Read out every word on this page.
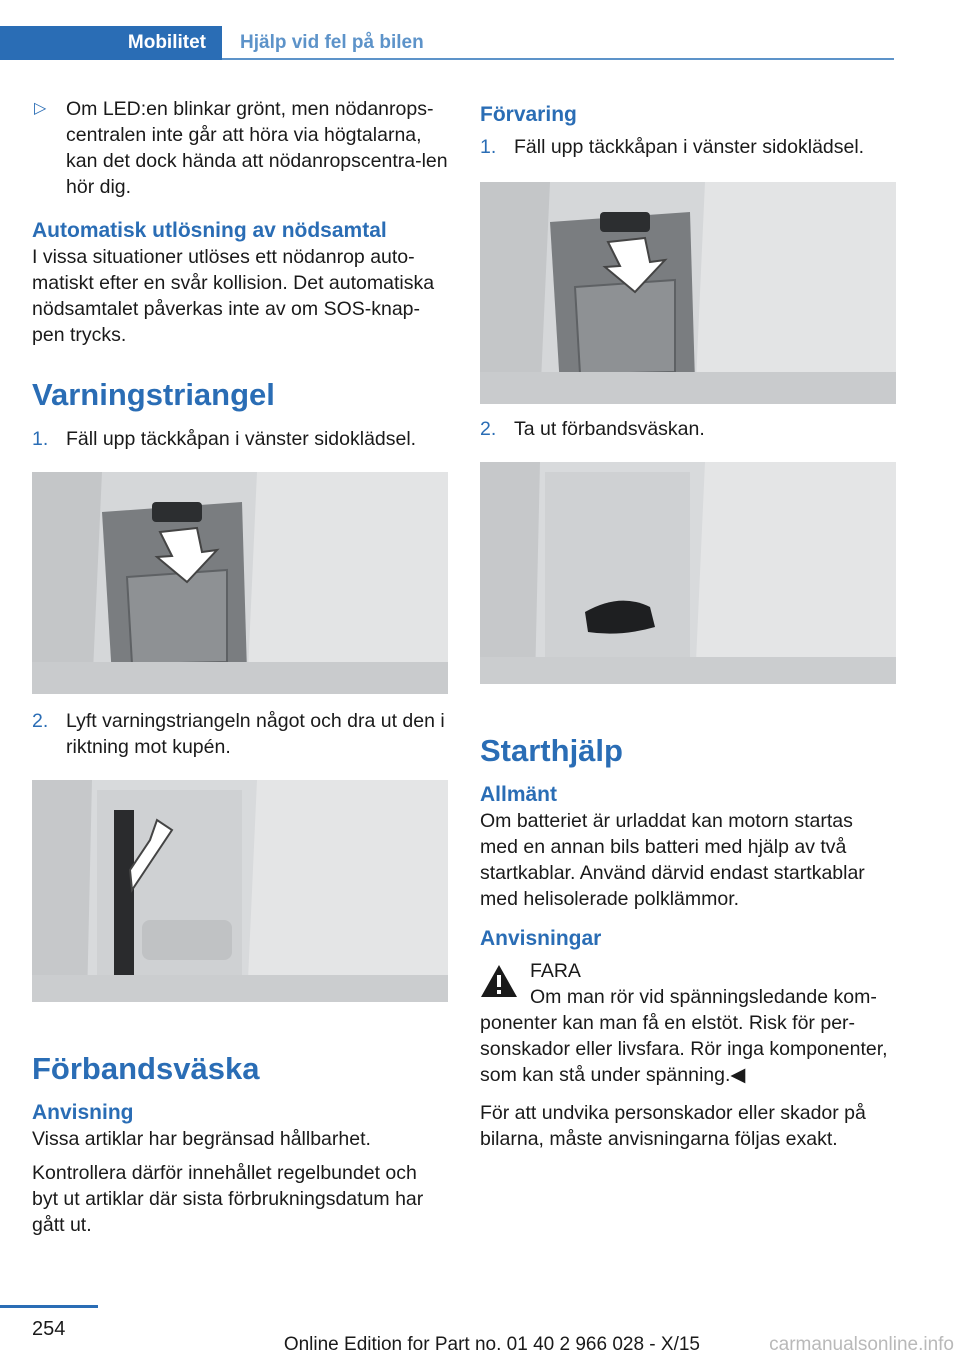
Mobilitet	Hjälp vid fel på bilen
▷ Om LED:en blinkar grönt, men nödanrops-centralen inte går att höra via högtalarna, kan det dock hända att nödanropscentra-len hör dig.
Automatisk utlösning av nödsamtal

I vissa situationer utlöses ett nödanrop auto-matiskt efter en svår kollision. Det automatiska nödsamtalet påverkas inte av om SOS-knap-pen trycks.

Varningstriangel
1. Fäll upp täckkåpan i vänster sidoklädsel.
2. Lyft varningstriangeln något och dra ut den i riktning mot kupén.
Förbandsväska
Anvisning

Vissa artiklar har begränsad hållbarhet.

Kontrollera därför innehållet regelbundet och byt ut artiklar där sista förbrukningsdatum har gått ut.

Förvaring
1. Fäll upp täckkåpan i vänster sidoklädsel.
2. Ta ut förbandsväskan.
Starthjälp
Allmänt

Om batteriet är urladdat kan motorn startas med en annan bils batteri med hjälp av två startkablar. Använd därvid endast startkablar med helisolerade polklämmor.

Anvisningar
FARA
Om man rör vid spänningsledande kom-ponenter kan man få en elstöt. Risk för per-sonskador eller livsfara. Rör inga komponenter, som kan stå under spänning.◀

För att undvika personskador eller skador på bilarna, måste anvisningarna följas exakt.

254
Online Edition for Part no. 01 40 2 966 028 - X/15	carmanualsonline.info
